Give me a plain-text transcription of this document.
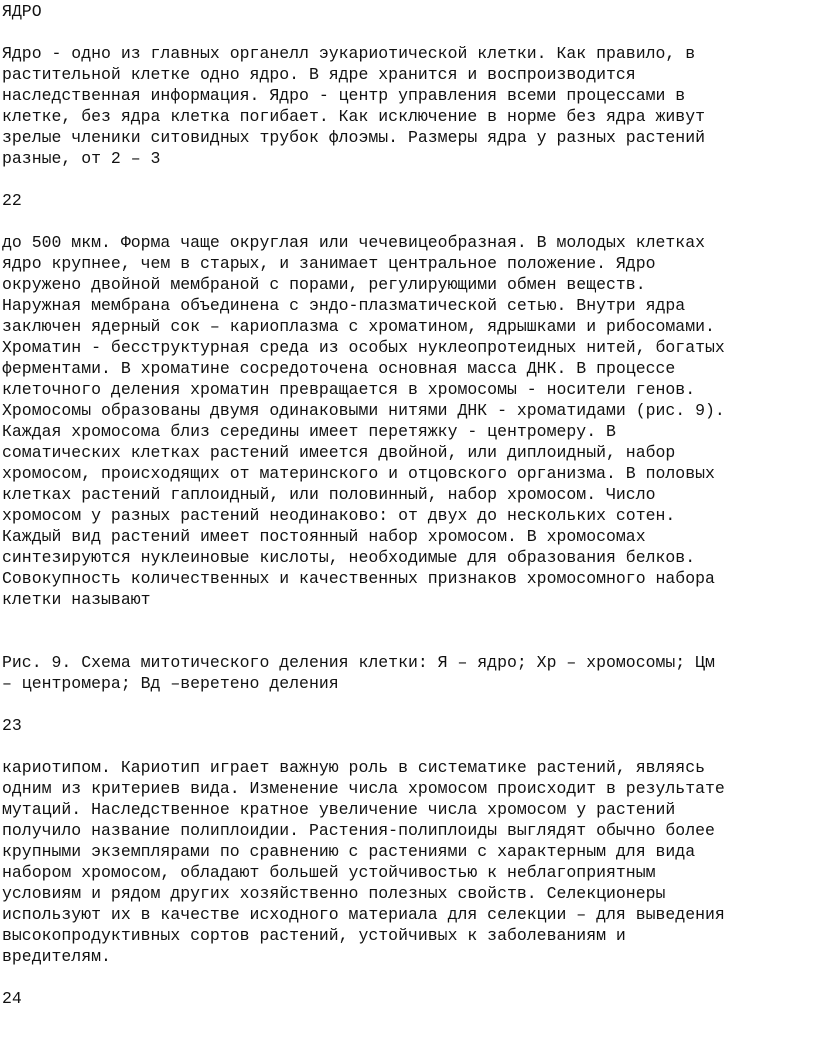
ЯДРО
Ядро - одно из главных органелл эукариотической клетки. Как правило, в
растительной клетке одно ядро. В ядре хранится и воспроизводится
наследственная информация. Ядро - центр управления всеми процессами в
клетке, без ядра клетка погибает. Как исключение в норме без ядра живут
зрелые членики ситовидных трубок флоэмы. Размеры ядра у разных растений
разные, от 2 – 3
22
до 500 мкм. Форма чаще округлая или чечевицеобразная. В молодых клетках
ядро крупнее, чем в старых, и занимает центральное положение. Ядро
окружено двойной мембраной с порами, регулирующими обмен веществ.
Наружная мембрана объединена с эндо-плазматической сетью. Внутри ядра
заключен ядерный сок – кариоплазма с хроматином, ядрышками и рибосомами.
Хроматин - бесструктурная среда из особых нуклеопротеидных нитей, богатых
ферментами. В хроматине сосредоточена основная масса ДНК. В процессе
клеточного деления хроматин превращается в хромосомы - носители генов.
Хромосомы образованы двумя одинаковыми нитями ДНК - хроматидами (рис. 9).
Каждая хромосома близ середины имеет перетяжку - центромеру. В
соматических клетках растений имеется двойной, или диплоидный, набор
хромосом, происходящих от материнского и отцовского организма. В половых
клетках растений гаплоидный, или половинный, набор хромосом. Число
хромосом у разных растений неодинаково: от двух до нескольких сотен.
Каждый вид растений имеет постоянный набор хромосом. В хромосомах
синтезируются нуклеиновые кислоты, необходимые для образования белков.
Совокупность количественных и качественных признаков хромосомного набора
клетки называют
Рис. 9. Схема митотического деления клетки: Я – ядро; Хр – хромосомы; Цм
– центромера; Вд –веретено деления
23
кариотипом. Кариотип играет важную роль в систематике растений, являясь
одним из критериев вида. Изменение числа хромосом происходит в результате
мутаций. Наследственное кратное увеличение числа хромосом у растений
получило название полиплоидии. Растения-полиплоиды выглядят обычно более
крупными экземплярами по сравнению с растениями с характерным для вида
набором хромосом, обладают большей устойчивостью к неблагоприятным
условиям и рядом других хозяйственно полезных свойств. Селекционеры
используют их в качестве исходного материала для селекции – для выведения
высокопродуктивных сортов растений, устойчивых к заболеваниям и
вредителям.
24
